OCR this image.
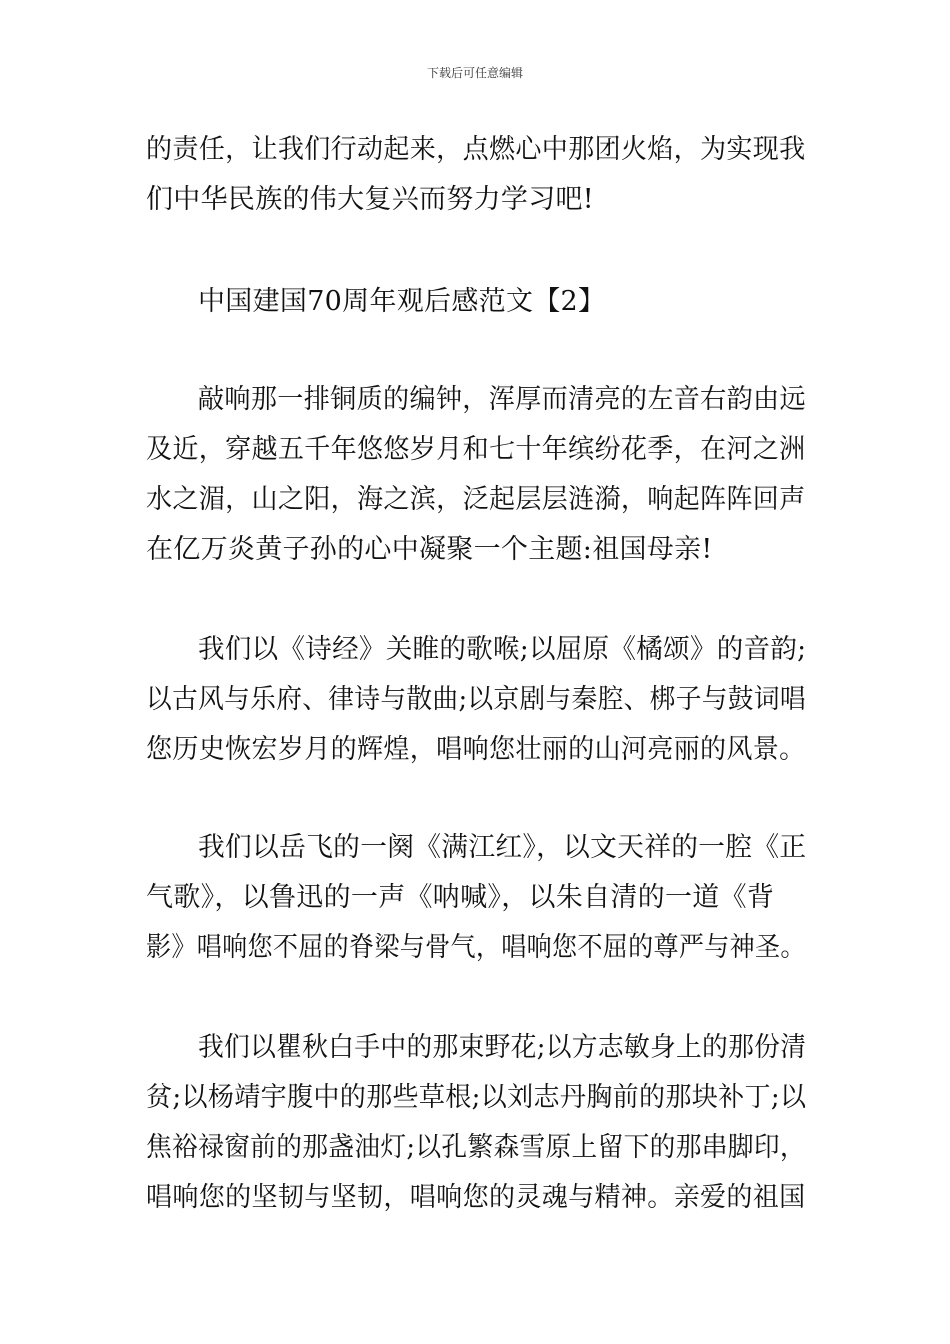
下载后可任意编辑
的责任，让我们行动起来，点燃心中那团火焰，为实现我
们中华民族的伟大复兴而努力学习吧!
中国建国70周年观后感范文【2】
敲响那一排铜质的编钟，浑厚而清亮的左音右韵由远
及近，穿越五千年悠悠岁月和七十年缤纷花季，在河之洲
水之湄，山之阳，海之滨，泛起层层涟漪，响起阵阵回声
在亿万炎黄子孙的心中凝聚一个主题:祖国母亲!
我们以《诗经》关睢的歌喉;以屈原《橘颂》的音韵;
以古风与乐府、律诗与散曲;以京剧与秦腔、梆子与鼓词唱
您历史恢宏岁月的辉煌，唱响您壮丽的山河亮丽的风景。
我们以岳飞的一阕《满江红》，以文天祥的一腔《正
气歌》，以鲁迅的一声《呐喊》，以朱自清的一道《背
影》唱响您不屈的脊梁与骨气，唱响您不屈的尊严与神圣。
我们以瞿秋白手中的那束野花;以方志敏身上的那份清
贫;以杨靖宇腹中的那些草根;以刘志丹胸前的那块补丁;以
焦裕禄窗前的那盏油灯;以孔繁森雪原上留下的那串脚印，
唱响您的坚韧与坚韧，唱响您的灵魂与精神。亲爱的祖国
